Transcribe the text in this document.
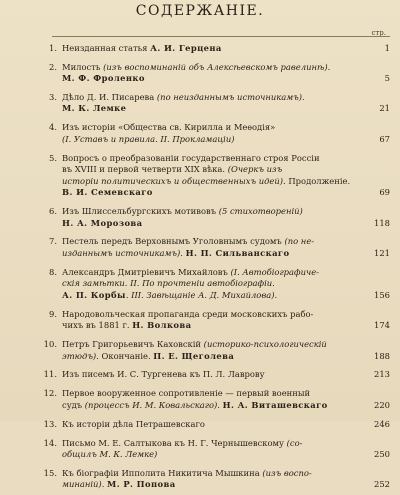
СОДЕРЖАНІЕ.
стр.
1. Неизданная статья А. И. Герцена	1
2. Милость (изъ воспоминаній объ Алексѣевскомъ равелинѣ).
М. Ф. Фроленко	5
3. Дѣло Д. И. Писарева (по неизданнымъ источникамъ).
М. К. Лемке	21
4. Изъ исторіи «Общества св. Кирилла и Меѳодія»
(I. Уставъ и правила. II. Прокламаціи)	67
5. Вопросъ о преобразованіи государственнаго строя Россіи
въ XVIII и первой четверти XIX вѣка. (Очеркъ изъ
исторіи политическихъ и общественныхъ идей). Продолженіе.
В. И. Семевскаго	69
6. Изъ Шлиссельбургскихъ мотивовъ (5 стихотвореній)
Н. А. Морозова	118
7. Пестель передъ Верховнымъ Уголовнымъ судомъ (по не-
изданнымъ источникамъ). Н. П. Сильванскаго	121
8. Александръ Дмитріевичъ Михайловъ (I. Автобіографиче-
скія замѣтки. II. По прочтеніи автобіографіи.
А. П. Корбы. III. Завѣщаніе А. Д. Михайлова).	156
9. Народовольческая пропаганда среди московскихъ рабо-
чихъ въ 1881 г. Н. Волкова	174
10. Петръ Григорьевичъ Каховскій (историко-психологическій
этюдъ). Окончаніе. П. Е. Щеголева	188
11. Изъ писемъ И. С. Тургенева къ П. Л. Лаврову	213
12. Первое вооруженное сопротивленіе — первый военный
судъ (процессъ И. М. Ковальскаго). Н. А. Виташевскаго	220
13. Къ исторіи дѣла Петрашевскаго	246
14. Письмо М. Е. Салтыкова къ Н. Г. Чернышевскому (со-
общилъ М. К. Лемке)	250
15. Къ біографіи Ипполита Никитича Мышкина (изъ воспо-
минаній). М. Р. Попова	252
